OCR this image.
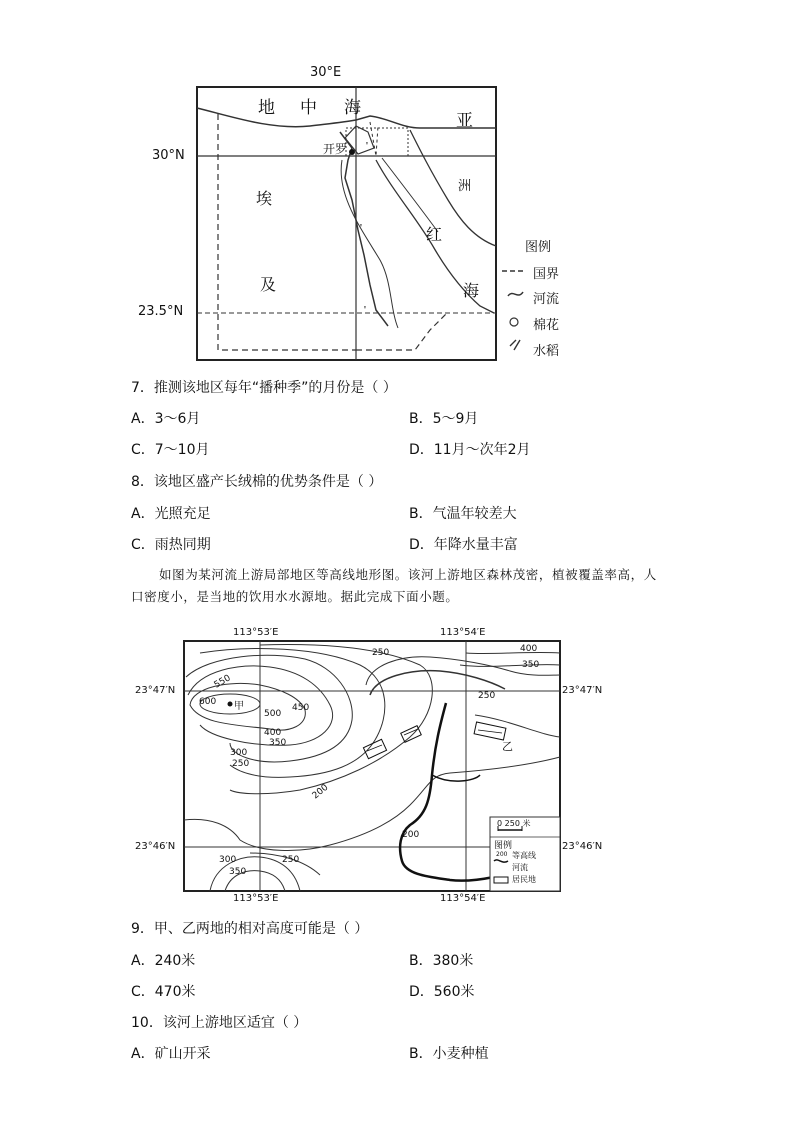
30°E
30°N
23.5°N
地 中 海
亚
洲
埃
及
红
海
开罗
图例
国界
河流
棉花
水稻
7．推测该地区每年“播种季”的月份是（ ）
A．3～6月	B．5～9月
C．7～10月	D．11月～次年2月
8．该地区盛产长绒棉的优势条件是（ ）
A．光照充足	B．气温年较差大
C．雨热同期	D．年降水量丰富
如图为某河流上游局部地区等高线地形图。该河上游地区森林茂密，植被覆盖率高，人口密度小，是当地的饮用水水源地。据此完成下面小题。
113°53′E	113°54′E
113°53′E	113°54′E
23°47′N	23°47′N
23°46′N	23°46′N
甲
乙
600
550
500
450
400
350
300
250
200
250	400
350
250
200
300	250
350
0 250 米
图例
200 等高线
河流
居民地
9．甲、乙两地的相对高度可能是（ ）
A．240米	B．380米
C．470米	D．560米
10．该河上游地区适宜（ ）
A．矿山开采	B．小麦种植
